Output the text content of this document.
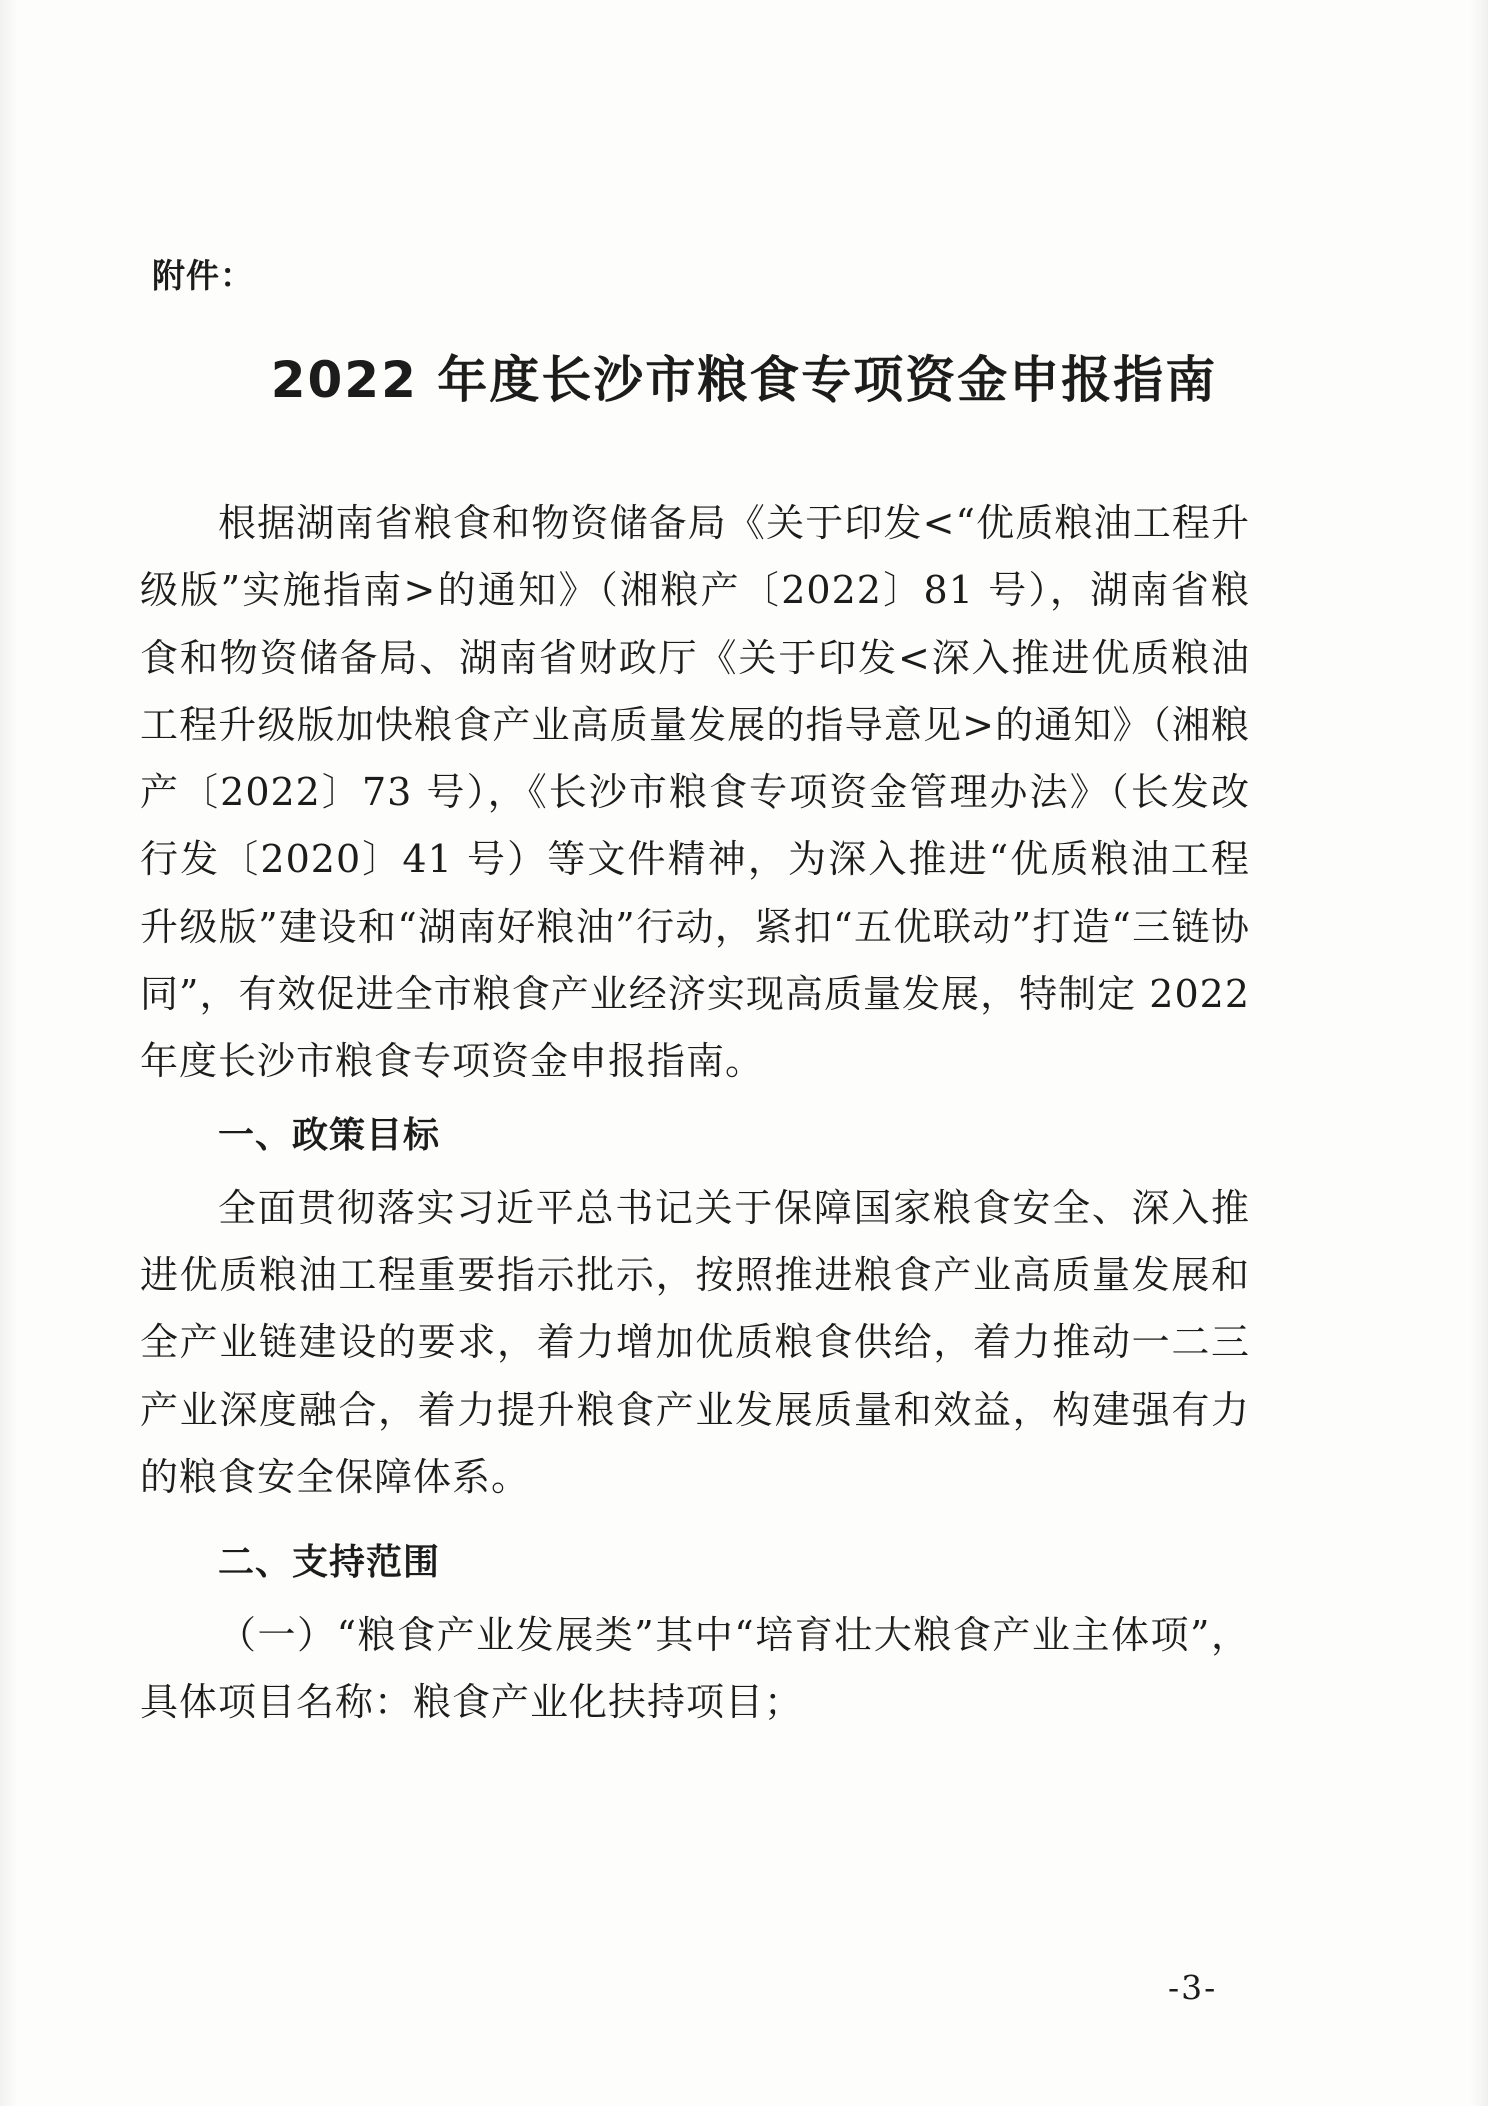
附件：
2022 年度长沙市粮食专项资金申报指南

根据湖南省粮食和物资储备局《关于印发<“优质粮油工程升级版”实施指南>的通知》（湘粮产〔2022〕81 号），湖南省粮食和物资储备局、湖南省财政厅《关于印发<深入推进优质粮油工程升级版加快粮食产业高质量发展的指导意见>的通知》（湘粮产〔2022〕73 号），《长沙市粮食专项资金管理办法》（长发改行发〔2020〕41 号）等文件精神，为深入推进“优质粮油工程升级版”建设和“湖南好粮油”行动，紧扣“五优联动”打造“三链协同”，有效促进全市粮食产业经济实现高质量发展，特制定 2022 年度长沙市粮食专项资金申报指南。

一、政策目标

全面贯彻落实习近平总书记关于保障国家粮食安全、深入推进优质粮油工程重要指示批示，按照推进粮食产业高质量发展和全产业链建设的要求，着力增加优质粮食供给，着力推动一二三产业深度融合，着力提升粮食产业发展质量和效益，构建强有力的粮食安全保障体系。

二、支持范围

（一）“粮食产业发展类”其中“培育壮大粮食产业主体项”，具体项目名称：粮食产业化扶持项目；

-3-
